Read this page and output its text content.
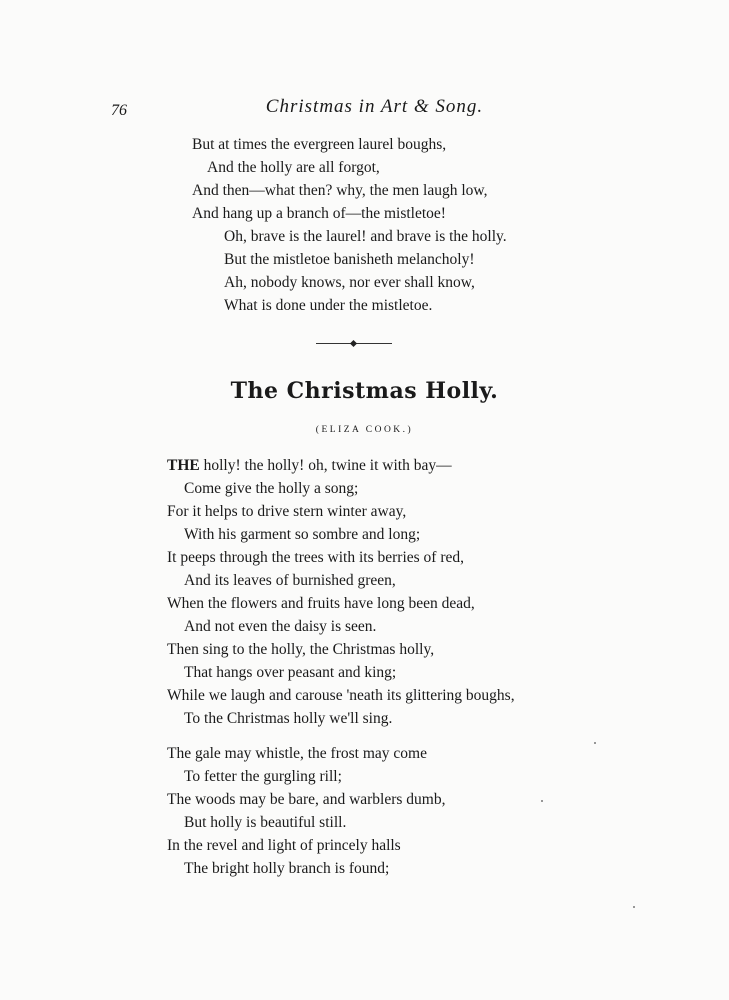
76	Christmas in Art & Song.
But at times the evergreen laurel boughs,
And the holly are all forgot,
And then—what then? why, the men laugh low,
And hang up a branch of—the mistletoe!
Oh, brave is the laurel! and brave is the holly.
But the mistletoe banisheth melancholy!
Ah, nobody knows, nor ever shall know,
What is done under the mistletoe.
The Christmas Holly.
(ELIZA COOK.)
THE holly! the holly! oh, twine it with bay—
Come give the holly a song;
For it helps to drive stern winter away,
With his garment so sombre and long;
It peeps through the trees with its berries of red,
And its leaves of burnished green,
When the flowers and fruits have long been dead,
And not even the daisy is seen.
Then sing to the holly, the Christmas holly,
That hangs over peasant and king;
While we laugh and carouse 'neath its glittering boughs,
To the Christmas holly we'll sing.
The gale may whistle, the frost may come
To fetter the gurgling rill;
The woods may be bare, and warblers dumb,
But holly is beautiful still.
In the revel and light of princely halls
The bright holly branch is found;
